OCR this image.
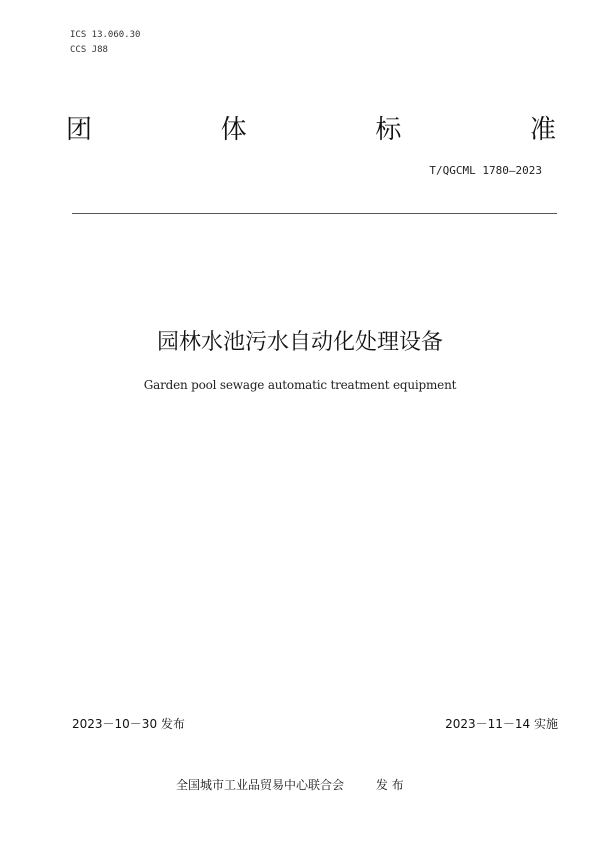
ICS 13.060.30
CCS J88
团	体	标	准
T/QGCML 1780—2023
园林水池污水自动化处理设备
Garden pool sewage automatic treatment equipment
2023－10－30 发布	2023－11－14 实施
全国城市工业品贸易中心联合会	发 布
